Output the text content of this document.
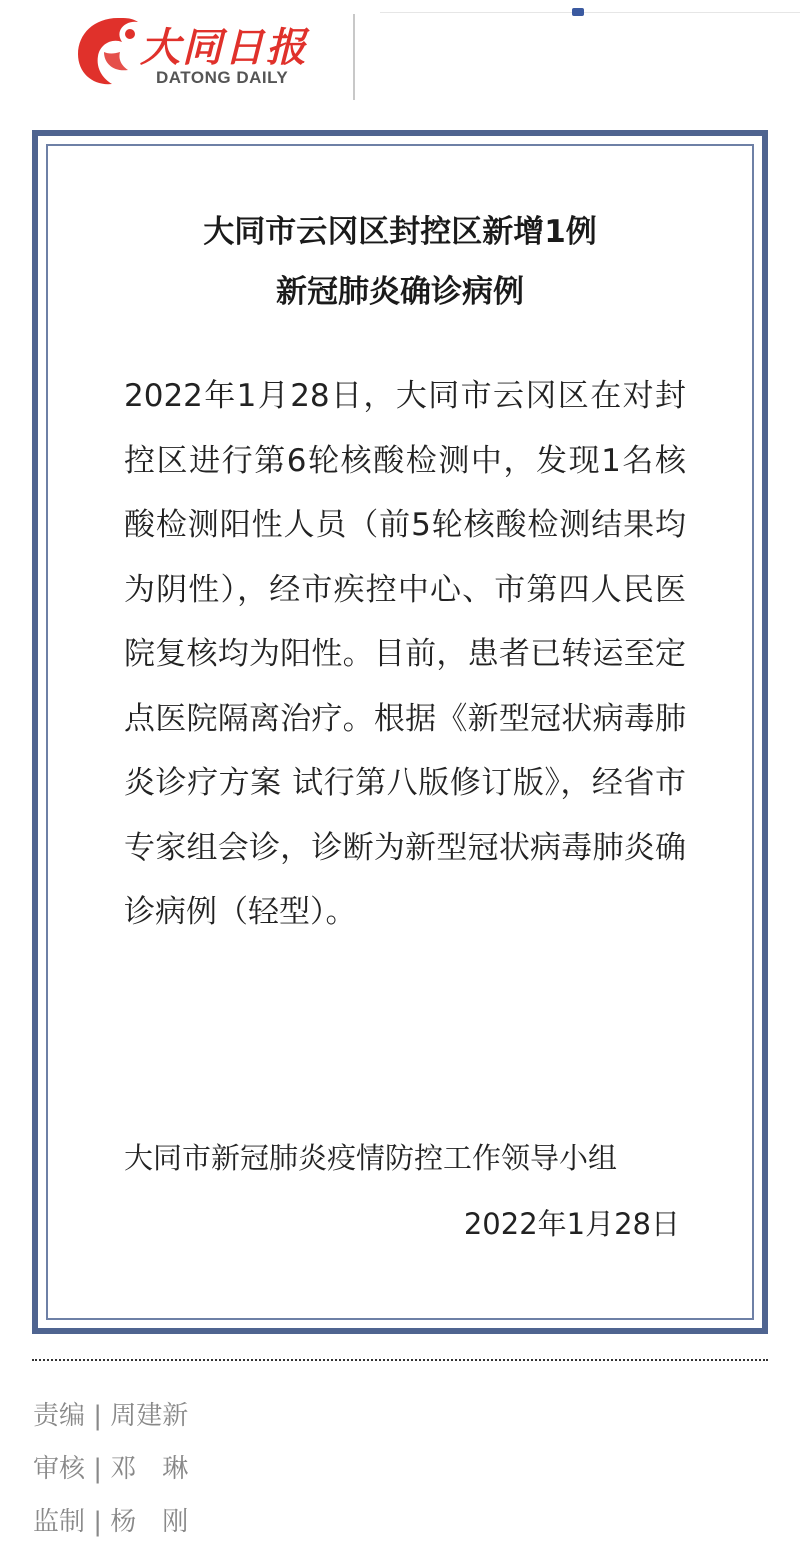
大同日报
DATONG DAILY
大同市云冈区封控区新增1例
新冠肺炎确诊病例
2022年1月28日，大同市云冈区在对封控区进行第6轮核酸检测中，发现1名核酸检测阳性人员（前5轮核酸检测结果均为阴性），经市疾控中心、市第四人民医院复核均为阳性。目前，患者已转运至定点医院隔离治疗。根据《新型冠状病毒肺炎诊疗方案 试行第八版修订版》，经省市专家组会诊，诊断为新型冠状病毒肺炎确诊病例（轻型）。
大同市新冠肺炎疫情防控工作领导小组
2022年1月28日
责编 | 周建新
审核 | 邓　琳
监制 | 杨　刚
